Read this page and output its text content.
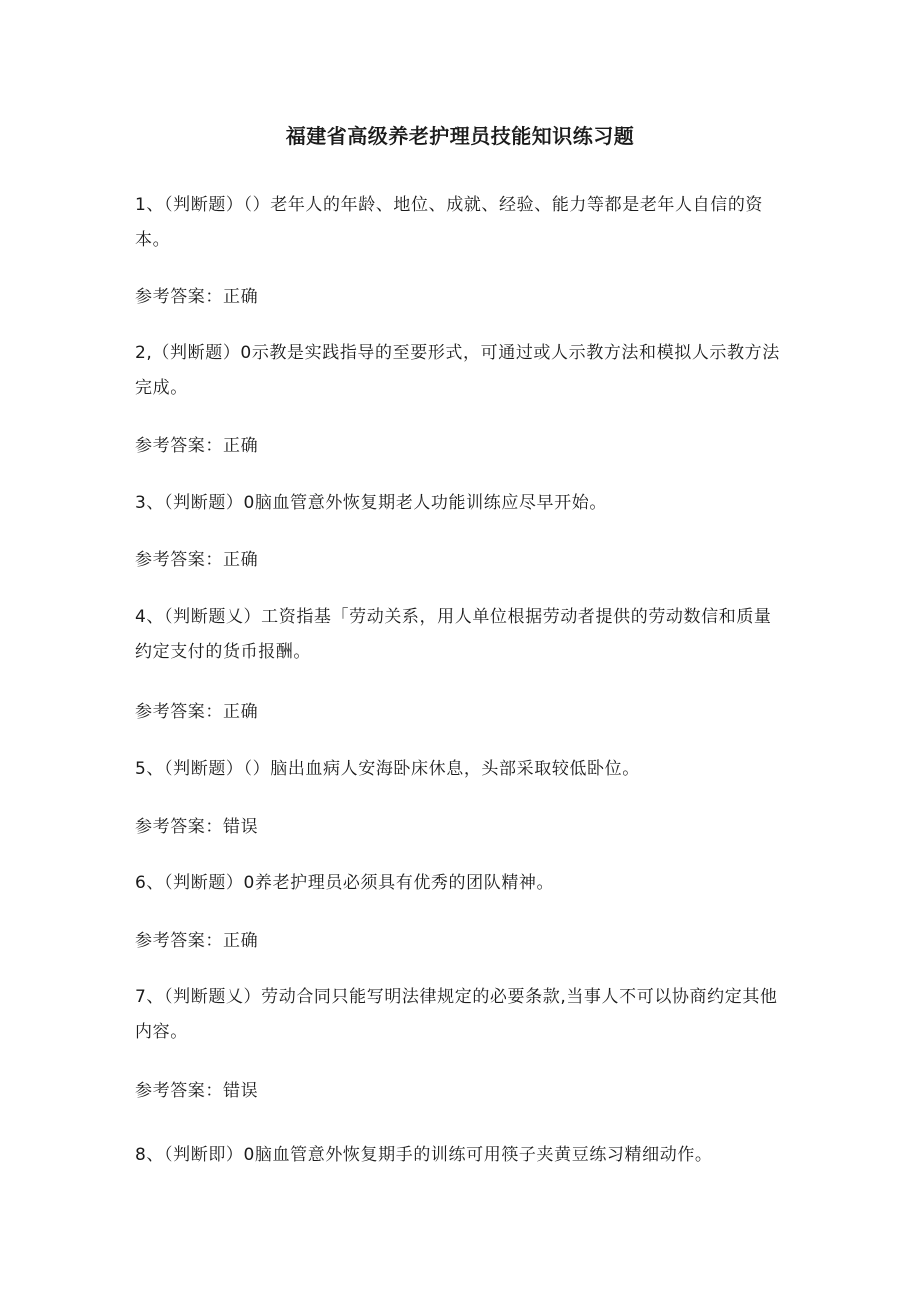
福建省高级养老护理员技能知识练习题
1、（判断题）（）老年人的年龄、地位、成就、经验、能力等都是老年人自信的资本。
参考答案：正确
2,（判断题）0示教是实践指导的至要形式，可通过或人示教方法和模拟人示教方法完成。
参考答案：正确
3、（判断题）0脑血管意外恢复期老人功能训练应尽早开始。
参考答案：正确
4、（判断题乂）工资指基「劳动关系，用人单位根据劳动者提供的劳动数信和质量约定支付的货币报酬。
参考答案：正确
5、（判断题）（）脑出血病人安海卧床休息，头部采取较低卧位。
参考答案：错误
6、（判断题）0养老护理员必须具有优秀的团队精神。
参考答案：正确
7、（判断题乂）劳动合同只能写明法律规定的必要条款,当事人不可以协商约定其他内容。
参考答案：错误
8、（判断即）0脑血管意外恢复期手的训练可用筷子夹黄豆练习精细动作。
